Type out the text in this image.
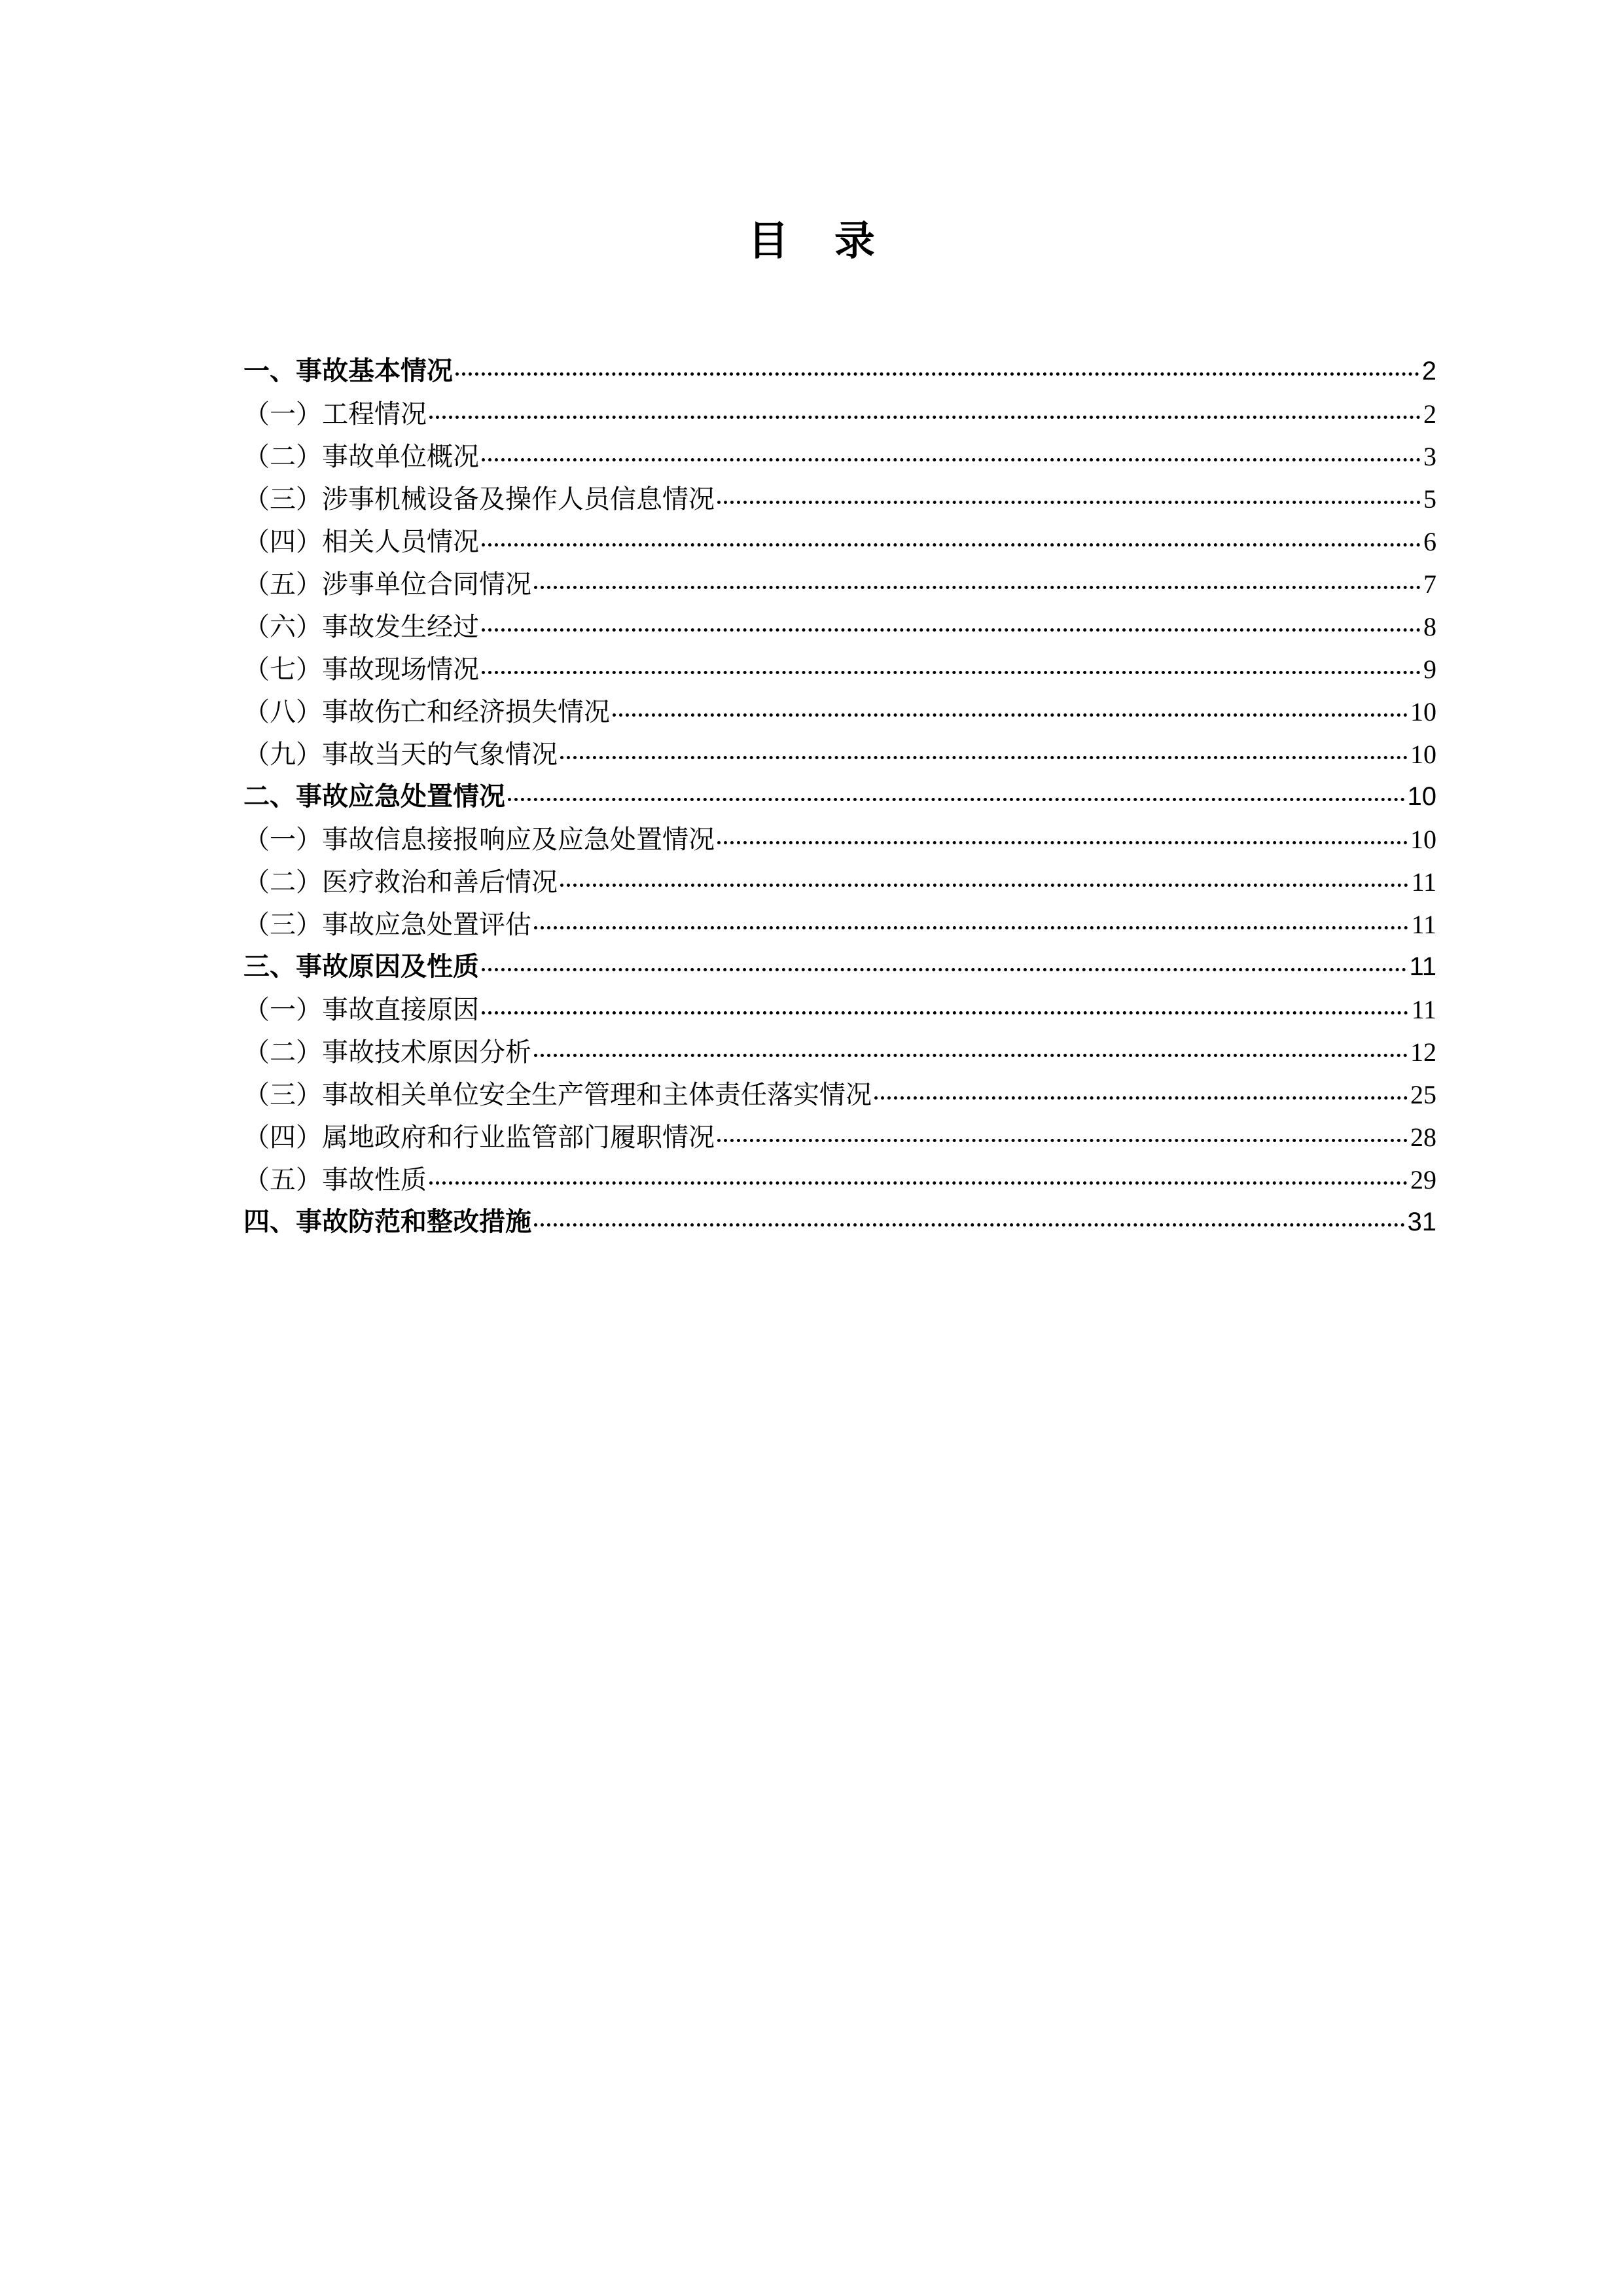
目录
一、事故基本情况	2
（一）工程情况	2
（二）事故单位概况	3
（三）涉事机械设备及操作人员信息情况	5
（四）相关人员情况	6
（五）涉事单位合同情况	7
（六）事故发生经过	8
（七）事故现场情况	9
（八）事故伤亡和经济损失情况	10
（九）事故当天的气象情况	10
二、事故应急处置情况	10
（一）事故信息接报响应及应急处置情况	10
（二）医疗救治和善后情况	11
（三）事故应急处置评估	11
三、事故原因及性质	11
（一）事故直接原因	11
（二）事故技术原因分析	12
（三）事故相关单位安全生产管理和主体责任落实情况	25
（四）属地政府和行业监管部门履职情况	28
（五）事故性质	29
四、事故防范和整改措施	31
